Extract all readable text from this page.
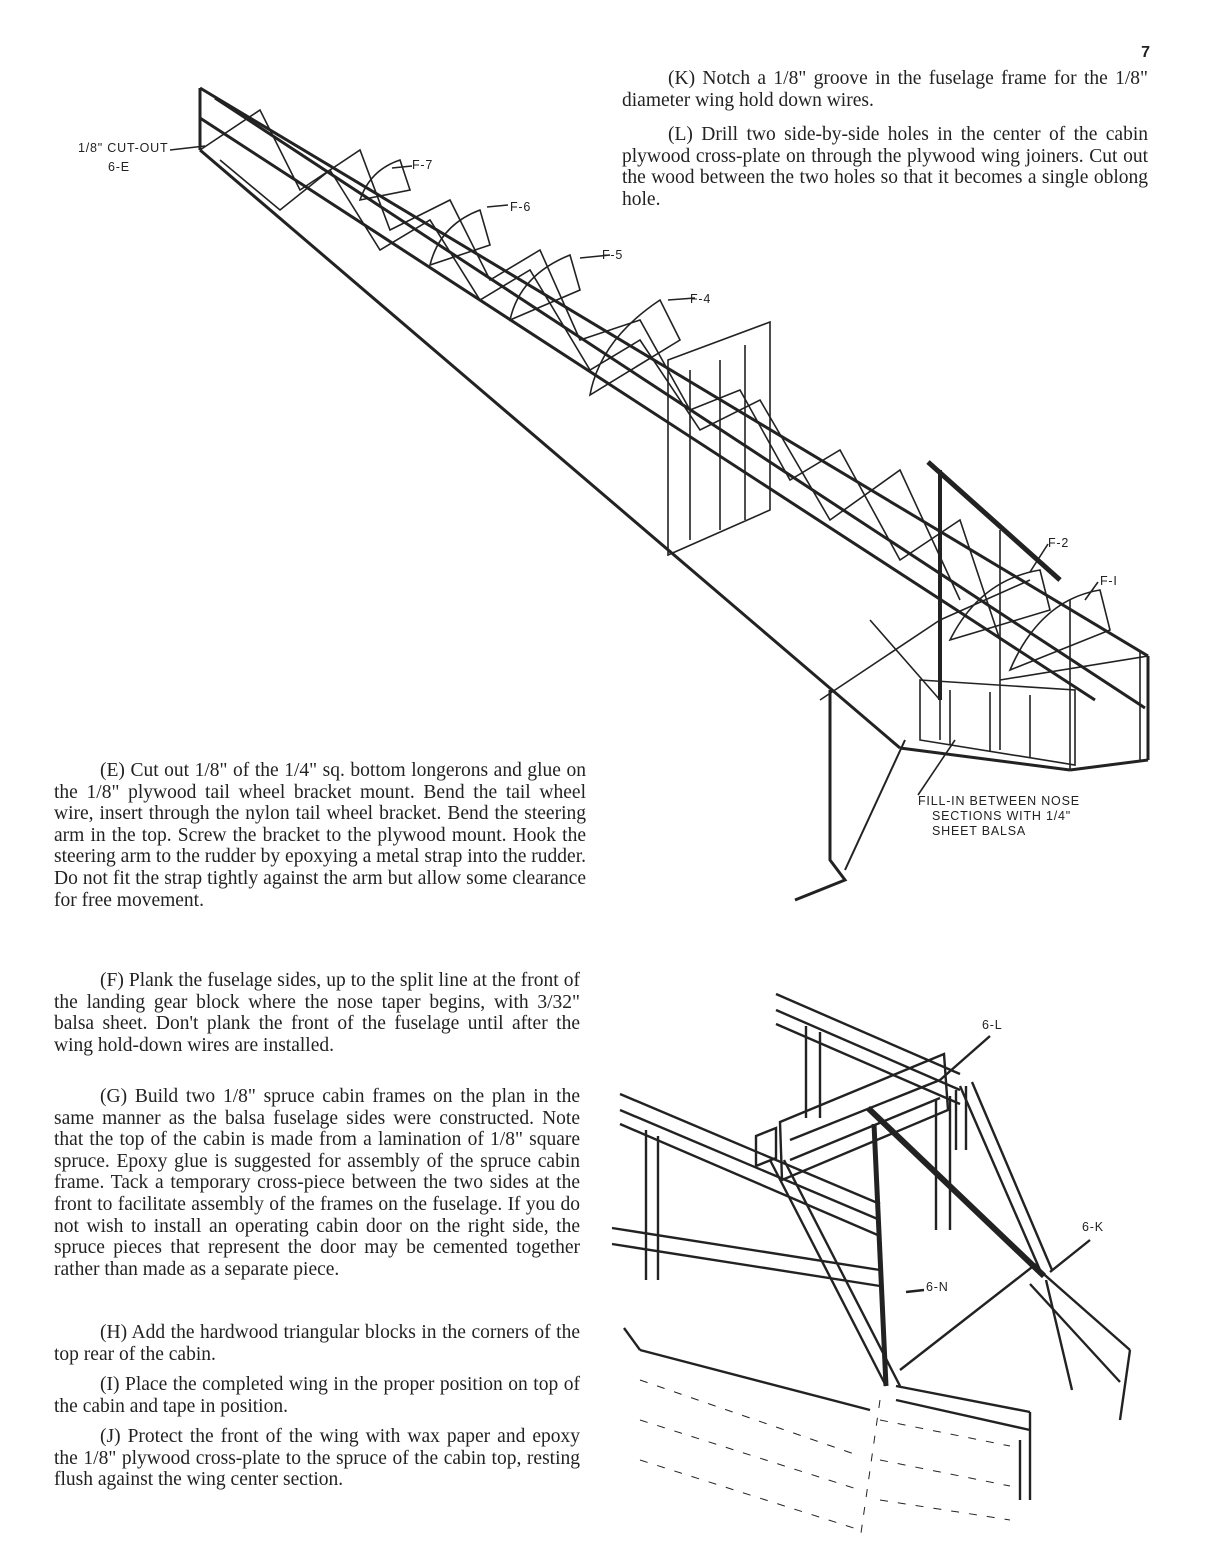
7

(K) Notch a 1/8" groove in the fuselage frame for the 1/8" diameter wing hold down wires.

(L) Drill two side-by-side holes in the center of the cabin plywood cross-plate on through the plywood wing joiners. Cut out the wood between the two holes so that it becomes a single oblong hole.

(E) Cut out 1/8" of the 1/4" sq. bottom longerons and glue on the 1/8" plywood tail wheel bracket mount. Bend the tail wheel wire, insert through the nylon tail wheel bracket. Bend the steering arm in the top. Screw the bracket to the plywood mount. Hook the steering arm to the rudder by epoxying a metal strap into the rudder. Do not fit the strap tightly against the arm but allow some clearance for free movement.

(F) Plank the fuselage sides, up to the split line at the front of the landing gear block where the nose taper begins, with 3/32" balsa sheet. Don't plank the front of the fuselage until after the wing hold-down wires are installed.

(G) Build two 1/8" spruce cabin frames on the plan in the same manner as the balsa fuselage sides were constructed. Note that the top of the cabin is made from a lamination of 1/8" square spruce. Epoxy glue is suggested for assembly of the spruce cabin frame. Tack a temporary cross-piece between the two sides at the front to facilitate assembly of the frames on the fuselage. If you do not wish to install an operating cabin door on the right side, the spruce pieces that represent the door may be cemented together rather than made as a separate piece.

(H) Add the hardwood triangular blocks in the corners of the top rear of the cabin.

(I) Place the completed wing in the proper position on top of the cabin and tape in position.

(J) Protect the front of the wing with wax paper and epoxy the 1/8" plywood cross-plate to the spruce of the cabin top, resting flush against the wing center section.

1/8" CUT-OUT
6-E	F-7
F-6
F-5
F-4
F-2
F-I
FILL-IN BETWEEN NOSE
SECTIONS WITH 1/4"
SHEET BALSA
6-L
6-K
6-N
